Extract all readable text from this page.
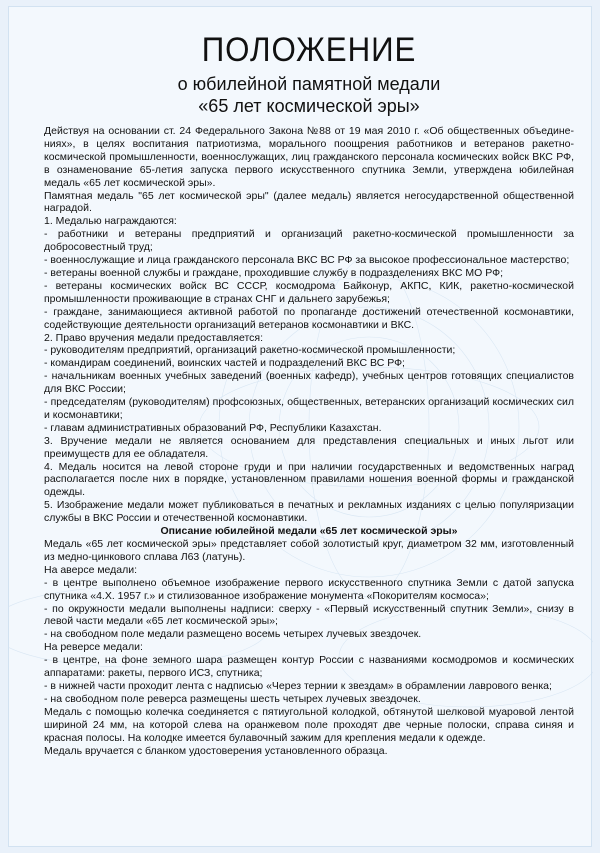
ПОЛОЖЕНИЕ
о юбилейной памятной медали
«65 лет космической эры»

Действуя на основании ст. 24 Федерального Закона №88 от 19 мая 2010 г. «Об общественных объедине-ниях», в целях воспитания патриотизма, морального поощрения работников и ветеранов ракетно-космической промышленности, военнослужащих, лиц гражданского персонала космических войск ВКС РФ, в ознаменование 65-летия запуска первого искусственного спутника Земли, утверждена юбилейная медаль «65 лет космической эры».

Памятная медаль "65 лет космической эры" (далее медаль) является негосударственной общественной наградой.

1. Медалью награждаются:

- работники и ветераны предприятий и организаций ракетно-космической промышленности за добросовестный труд;

- военнослужащие и лица гражданского персонала ВКС ВС РФ за высокое профессиональное мастерство;

- ветераны военной службы и граждане, проходившие службу в подразделениях ВКС МО РФ;

- ветераны космических войск ВС СССР, космодрома Байконур, АКПС, КИК, ракетно-космической промышленности проживающие в странах СНГ и дальнего зарубежья;

- граждане, занимающиеся активной работой по пропаганде достижений отечественной космонавтики, содействующие деятельности организаций ветеранов космонавтики и ВКС.

2. Право вручения медали предоставляется:

- руководителям предприятий, организаций ракетно-космической промышленности;

- командирам соединений, воинских частей и подразделений ВКС ВС РФ;

- начальникам военных учебных заведений (военных кафедр), учебных центров готовящих специалистов для ВКС России;

- председателям (руководителям) профсоюзных, общественных, ветеранских организаций космических сил и космонавтики;

- главам административных образований РФ, Республики Казахстан.

3. Вручение медали не является основанием для представления специальных и иных льгот или преимуществ для ее обладателя.

4. Медаль носится на левой стороне груди и при наличии государственных и ведомственных наград располагается после них в порядке, установленном правилами ношения военной формы и гражданской одежды.

5. Изображение медали может публиковаться в печатных и рекламных изданиях с целью популяризации службы в ВКС России и отечественной космонавтики.

Описание юбилейной медали «65 лет космической эры»

Медаль «65 лет космической эры» представляет собой золотистый круг, диаметром 32 мм, изготовленный из медно-цинкового сплава Л63 (латунь).

На аверсе медали:

- в центре выполнено объемное изображение первого искусственного спутника Земли с датой запуска спутника «4.Х. 1957 г.» и стилизованное изображение монумента «Покорителям космоса»;

- по окружности медали выполнены надписи: сверху - «Первый искусственный спутник Земли», снизу в левой части медали «65 лет космической эры»;

- на свободном поле медали размещено восемь четырех лучевых звездочек.

На реверсе медали:

- в центре, на фоне земного шара размещен контур России с названиями космодромов и космических аппаратами: ракеты, первого ИСЗ, спутника;

- в нижней части проходит лента с надписью «Через тернии к звездам» в обрамлении лаврового венка;

- на свободном поле реверса размещены шесть четырех лучевых звездочек.

Медаль с помощью колечка соединяется с пятиугольной колодкой, обтянутой шелковой муаровой лентой шириной 24 мм, на которой слева на оранжевом поле проходят две черные полоски, справа синяя и красная полосы. На колодке имеется булавочный зажим для крепления медали к одежде.

Медаль вручается с бланком удостоверения установленного образца.
